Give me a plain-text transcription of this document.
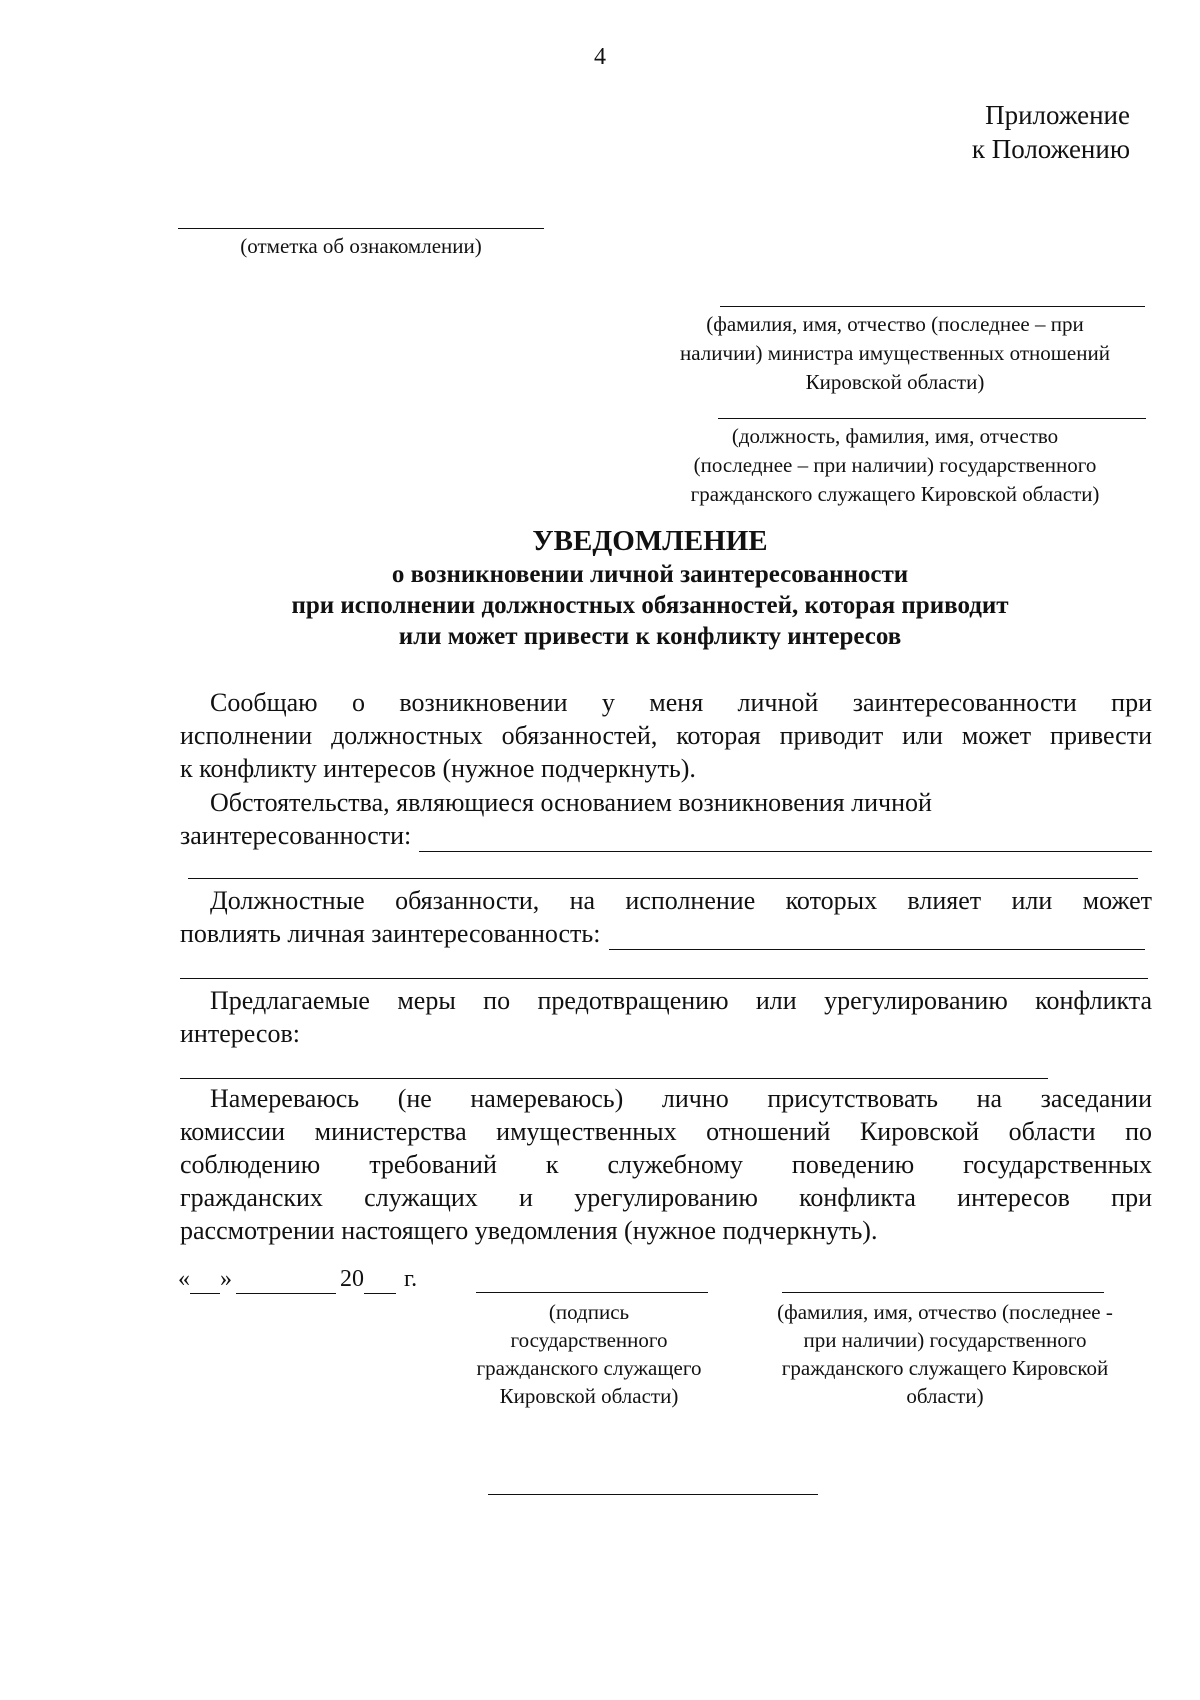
4
Приложение
к Положению
(отметка об ознакомлении)
(фамилия, имя, отчество (последнее – при
наличии) министра имущественных отношений
Кировской области)
(должность, фамилия, имя, отчество
(последнее – при наличии) государственного
гражданского служащего Кировской области)
УВЕДОМЛЕНИЕ
о возникновении личной заинтересованности
при исполнении должностных обязанностей, которая приводит
или может привести к конфликту интересов
Сообщаю о возникновении у меня личной заинтересованности при
исполнении должностных обязанностей, которая приводит или может привести
к конфликту интересов (нужное подчеркнуть).
Обстоятельства, являющиеся основанием возникновения личной
заинтересованности:
Должностные обязанности, на исполнение которых влияет или может
повлиять личная заинтересованность:
Предлагаемые меры по предотвращению или урегулированию конфликта
интересов:
Намереваюсь (не намереваюсь) лично присутствовать на заседании
комиссии министерства имущественных отношений Кировской области по
соблюдению требований к служебному поведению государственных
гражданских служащих и урегулированию конфликта интересов при
рассмотрении настоящего уведомления (нужное подчеркнуть).
« »	20 г.
(подпись
государственного
гражданского служащего
Кировской области)
(фамилия, имя, отчество (последнее -
при наличии) государственного
гражданского служащего Кировской
области)
